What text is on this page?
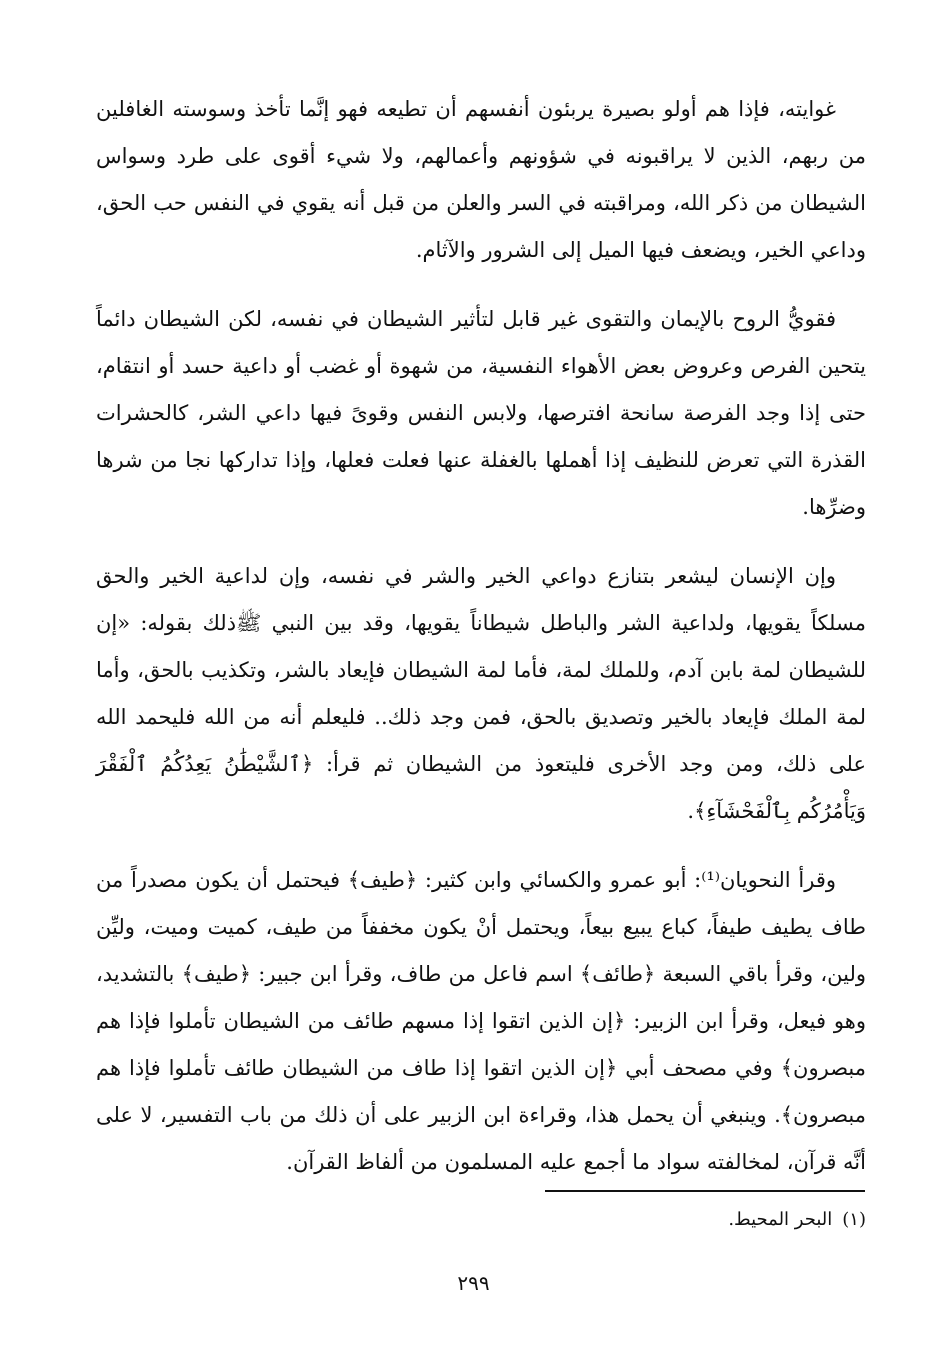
غوايته، فإذا هم أولو بصيرة يربئون أنفسهم أن تطيعه فهو إنَّما تأخذ وسوسته الغافلين من ربهم، الذين لا يراقبونه في شؤونهم وأعمالهم، ولا شيء أقوى على طرد وسواس الشيطان من ذكر الله، ومراقبته في السر والعلن من قبل أنه يقوي في النفس حب الحق، وداعي الخير، ويضعف فيها الميل إلى الشرور والآثام.

فقويُّ الروح بالإيمان والتقوى غير قابل لتأثير الشيطان في نفسه، لكن الشيطان دائماً يتحين الفرص وعروض بعض الأهواء النفسية، من شهوة أو غضب أو داعية حسد أو انتقام، حتى إذا وجد الفرصة سانحة افترصها، ولابس النفس وقوىً فيها داعي الشر، كالحشرات القذرة التي تعرض للنظيف إذا أهملها بالغفلة عنها فعلت فعلها، وإذا تداركها نجا من شرها وضرِّها.

وإن الإنسان ليشعر بتنازع دواعي الخير والشر في نفسه، وإن لداعية الخير والحق مسلكاً يقويها، ولداعية الشر والباطل شيطاناً يقويها، وقد بين النبي ﷺذلك بقوله: «إن للشيطان لمة بابن آدم، وللملك لمة، فأما لمة الشيطان فإيعاد بالشر، وتكذيب بالحق، وأما لمة الملك فإيعاد بالخير وتصديق بالحق، فمن وجد ذلك.. فليعلم أنه من الله فليحمد الله على ذلك، ومن وجد الأخرى فليتعوذ من الشيطان ثم قرأ: ﴿ٱلشَّيْطَٰنُ يَعِدُكُمُ ٱلْفَقْرَ وَيَأْمُرُكُم بِٱلْفَحْشَآءِ﴾.

وقرأ النحويان⁽¹⁾: أبو عمرو والكسائي وابن كثير: ﴿طيف﴾ فيحتمل أن يكون مصدراً من طاف يطيف طيفاً، كباع يبيع بيعاً، ويحتمل أنْ يكون مخففاً من طيف، كميت وميت، وليِّن ولين، وقرأ باقي السبعة ﴿طائف﴾ اسم فاعل من طاف، وقرأ ابن جبير: ﴿طيف﴾ بالتشديد، وهو فيعل، وقرأ ابن الزبير: ﴿إن الذين اتقوا إذا مسهم طائف من الشيطان تأملوا فإذا هم مبصرون﴾ وفي مصحف أبي ﴿إن الذين اتقوا إذا طاف من الشيطان طائف تأملوا فإذا هم مبصرون﴾. وينبغي أن يحمل هذا، وقراءة ابن الزبير على أن ذلك من باب التفسير، لا على أنَّه قرآن، لمخالفته سواد ما أجمع عليه المسلمون من ألفاظ القرآن.

(١)البحر المحيط.
٢٩٩
